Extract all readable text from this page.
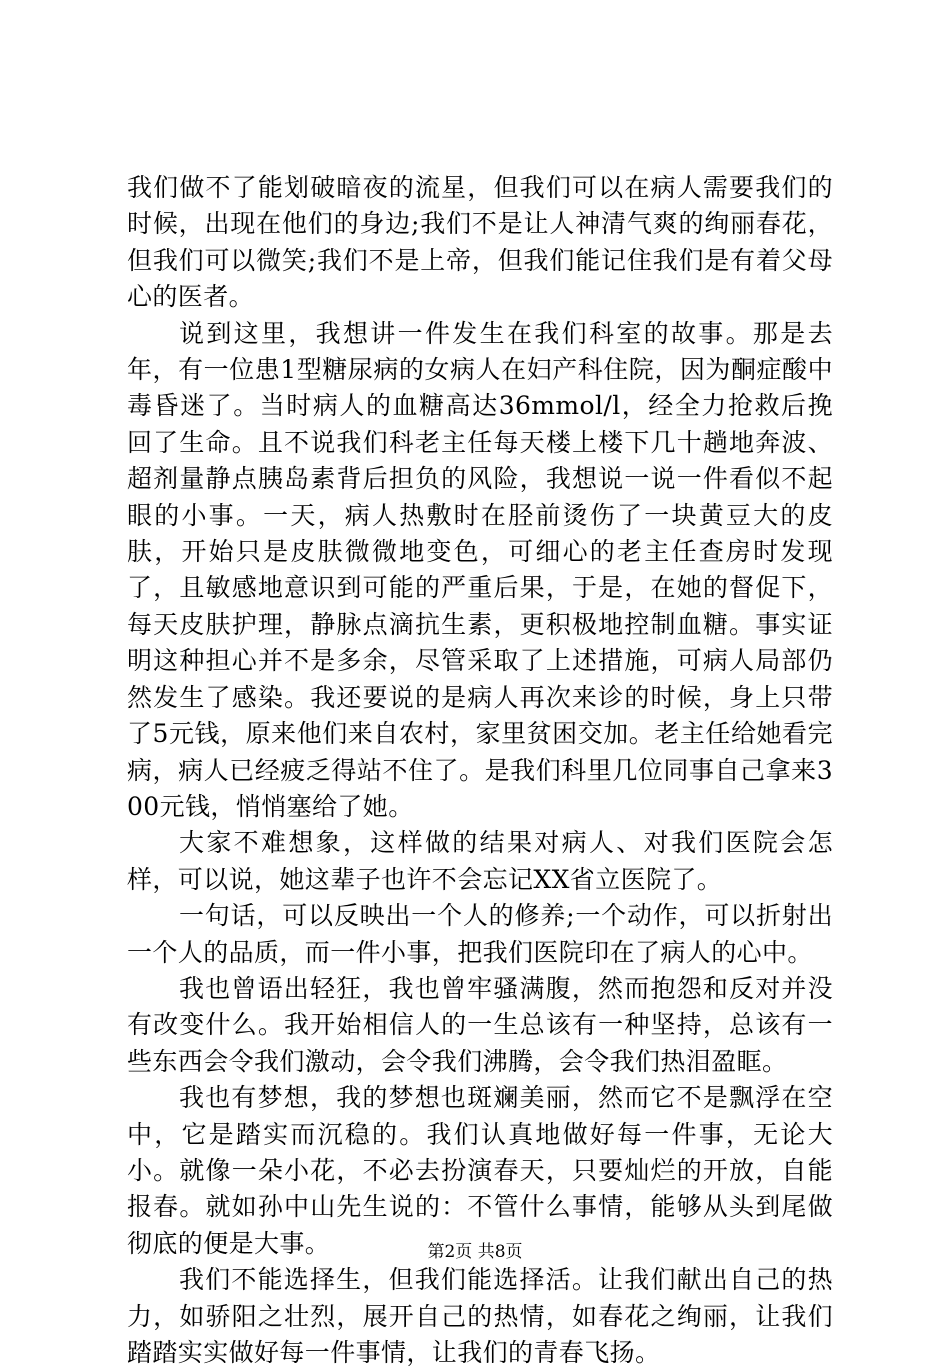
我们做不了能划破暗夜的流星，但我们可以在病人需要我们的时候，出现在他们的身边;我们不是让人神清气爽的绚丽春花，但我们可以微笑;我们不是上帝，但我们能记住我们是有着父母心的医者。

说到这里，我想讲一件发生在我们科室的故事。那是去年，有一位患1型糖尿病的女病人在妇产科住院，因为酮症酸中毒昏迷了。当时病人的血糖高达36mmol/l，经全力抢救后挽回了生命。且不说我们科老主任每天楼上楼下几十趟地奔波、超剂量静点胰岛素背后担负的风险，我想说一说一件看似不起眼的小事。一天，病人热敷时在胫前烫伤了一块黄豆大的皮肤，开始只是皮肤微微地变色，可细心的老主任查房时发现了，且敏感地意识到可能的严重后果，于是，在她的督促下，每天皮肤护理，静脉点滴抗生素，更积极地控制血糖。事实证明这种担心并不是多余，尽管采取了上述措施，可病人局部仍然发生了感染。我还要说的是病人再次来诊的时候，身上只带了5元钱，原来他们来自农村，家里贫困交加。老主任给她看完病，病人已经疲乏得站不住了。是我们科里几位同事自己拿来300元钱，悄悄塞给了她。

大家不难想象，这样做的结果对病人、对我们医院会怎样，可以说，她这辈子也许不会忘记XX省立医院了。

一句话，可以反映出一个人的修养;一个动作，可以折射出一个人的品质，而一件小事，把我们医院印在了病人的心中。

我也曾语出轻狂，我也曾牢骚满腹，然而抱怨和反对并没有改变什么。我开始相信人的一生总该有一种坚持，总该有一些东西会令我们激动，会令我们沸腾，会令我们热泪盈眶。

我也有梦想，我的梦想也斑斓美丽，然而它不是飘浮在空中，它是踏实而沉稳的。我们认真地做好每一件事，无论大小。就像一朵小花，不必去扮演春天，只要灿烂的开放，自能报春。就如孙中山先生说的：不管什么事情，能够从头到尾做彻底的便是大事。

我们不能选择生，但我们能选择活。让我们献出自己的热力，如骄阳之壮烈，展开自己的热情，如春花之绚丽，让我们踏踏实实做好每一件事情，让我们的青春飞扬。

第2页 共8页
